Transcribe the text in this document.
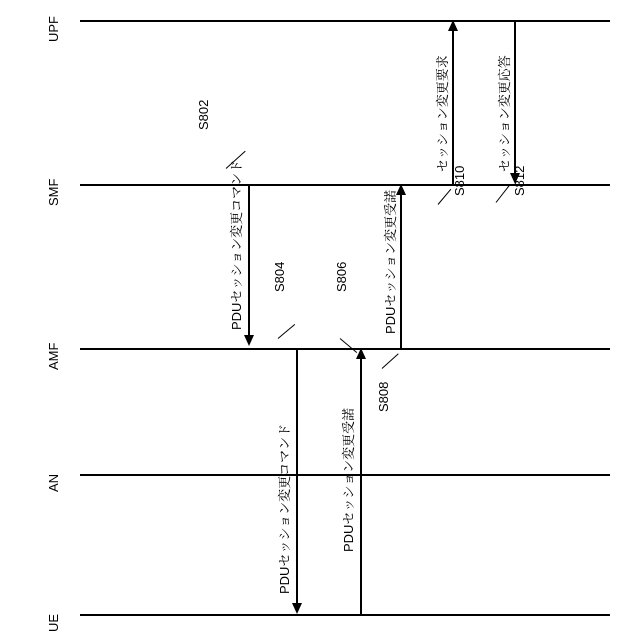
UPF
SMF
AMF
AN
UE
S802
PDUセッション変更コマンド S804
PDUセッション変更コマンド
S806
PDUセッション変更受諾
S808
PDUセッション変更受諾
S810
セッション変更要求
S812
セッション変更応答
